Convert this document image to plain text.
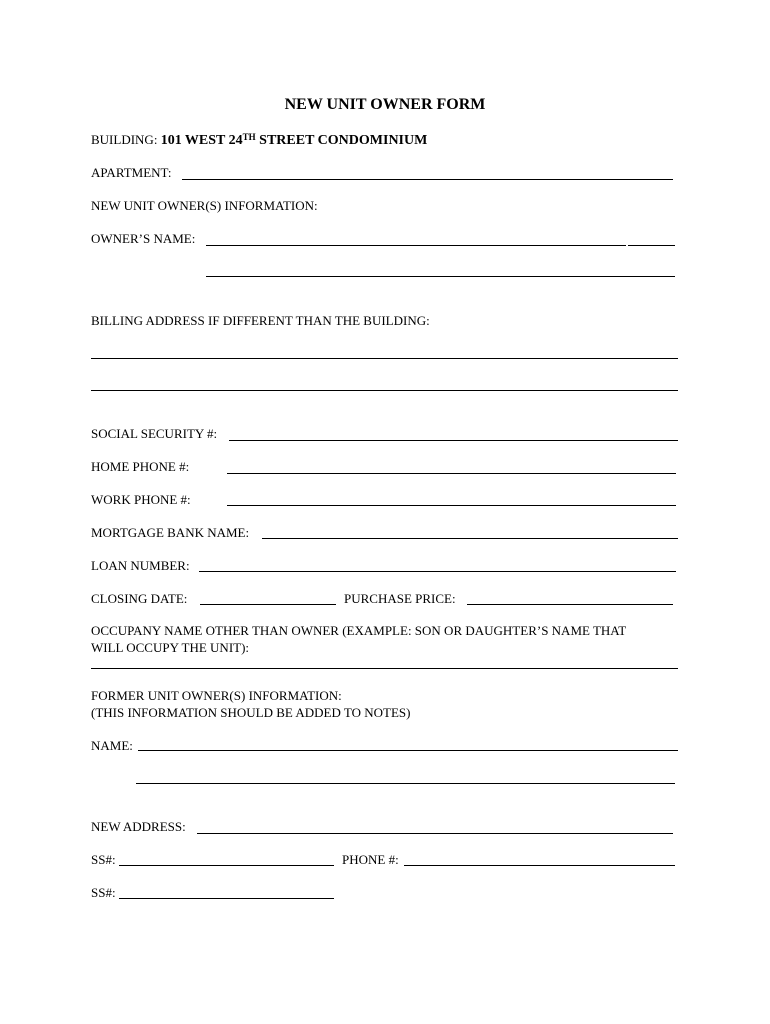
NEW UNIT OWNER FORM
BUILDING: 101 WEST 24TH STREET CONDOMINIUM
APARTMENT:
NEW UNIT OWNER(S) INFORMATION:
OWNER’S NAME:
BILLING ADDRESS IF DIFFERENT THAN THE BUILDING:
SOCIAL SECURITY #:
HOME PHONE #:
WORK PHONE #:
MORTGAGE BANK NAME:
LOAN NUMBER:
CLOSING DATE:	PURCHASE PRICE:
OCCUPANY NAME OTHER THAN OWNER (EXAMPLE: SON OR DAUGHTER’S NAME THAT
WILL OCCUPY THE UNIT):
FORMER UNIT OWNER(S) INFORMATION:
(THIS INFORMATION SHOULD BE ADDED TO NOTES)
NAME:
NEW ADDRESS:
SS#:	PHONE #:
SS#:
